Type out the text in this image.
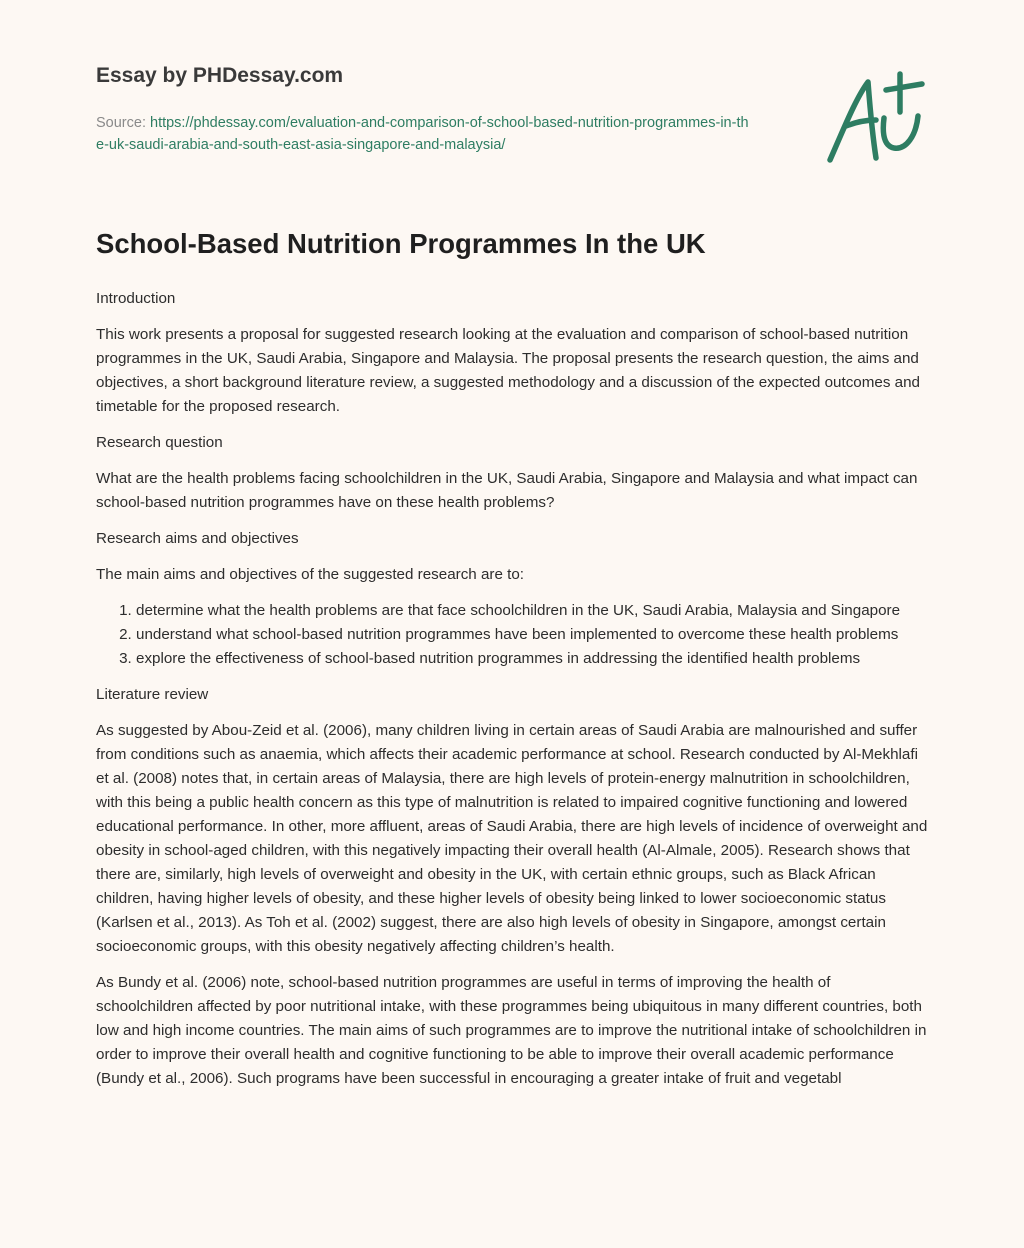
Essay by PHDessay.com
Source: https://phdessay.com/evaluation-and-comparison-of-school-based-nutrition-programmes-in-the-uk-saudi-arabia-and-south-east-asia-singapore-and-malaysia/
School-Based Nutrition Programmes In the UK

Introduction

This work presents a proposal for suggested research looking at the evaluation and comparison of school-based nutrition programmes in the UK, Saudi Arabia, Singapore and Malaysia. The proposal presents the research question, the aims and objectives, a short background literature review, a suggested methodology and a discussion of the expected outcomes and timetable for the proposed research.

Research question

What are the health problems facing schoolchildren in the UK, Saudi Arabia, Singapore and Malaysia and what impact can school-based nutrition programmes have on these health problems?

Research aims and objectives

The main aims and objectives of the suggested research are to:

1. determine what the health problems are that face schoolchildren in the UK, Saudi Arabia, Malaysia and Singapore
2. understand what school-based nutrition programmes have been implemented to overcome these health problems
3. explore the effectiveness of school-based nutrition programmes in addressing the identified health problems

Literature review

As suggested by Abou-Zeid et al. (2006), many children living in certain areas of Saudi Arabia are malnourished and suffer from conditions such as anaemia, which affects their academic performance at school. Research conducted by Al-Mekhlafi et al. (2008) notes that, in certain areas of Malaysia, there are high levels of protein-energy malnutrition in schoolchildren, with this being a public health concern as this type of malnutrition is related to impaired cognitive functioning and lowered educational performance. In other, more affluent, areas of Saudi Arabia, there are high levels of incidence of overweight and obesity in school-aged children, with this negatively impacting their overall health (Al-Almale, 2005). Research shows that there are, similarly, high levels of overweight and obesity in the UK, with certain ethnic groups, such as Black African children, having higher levels of obesity, and these higher levels of obesity being linked to lower socioeconomic status (Karlsen et al., 2013). As Toh et al. (2002) suggest, there are also high levels of obesity in Singapore, amongst certain socioeconomic groups, with this obesity negatively affecting children’s health.

As Bundy et al. (2006) note, school-based nutrition programmes are useful in terms of improving the health of schoolchildren affected by poor nutritional intake, with these programmes being ubiquitous in many different countries, both low and high income countries. The main aims of such programmes are to improve the nutritional intake of schoolchildren in order to improve their overall health and cognitive functioning to be able to improve their overall academic performance (Bundy et al., 2006). Such programs have been successful in encouraging a greater intake of fruit and vegetabl
